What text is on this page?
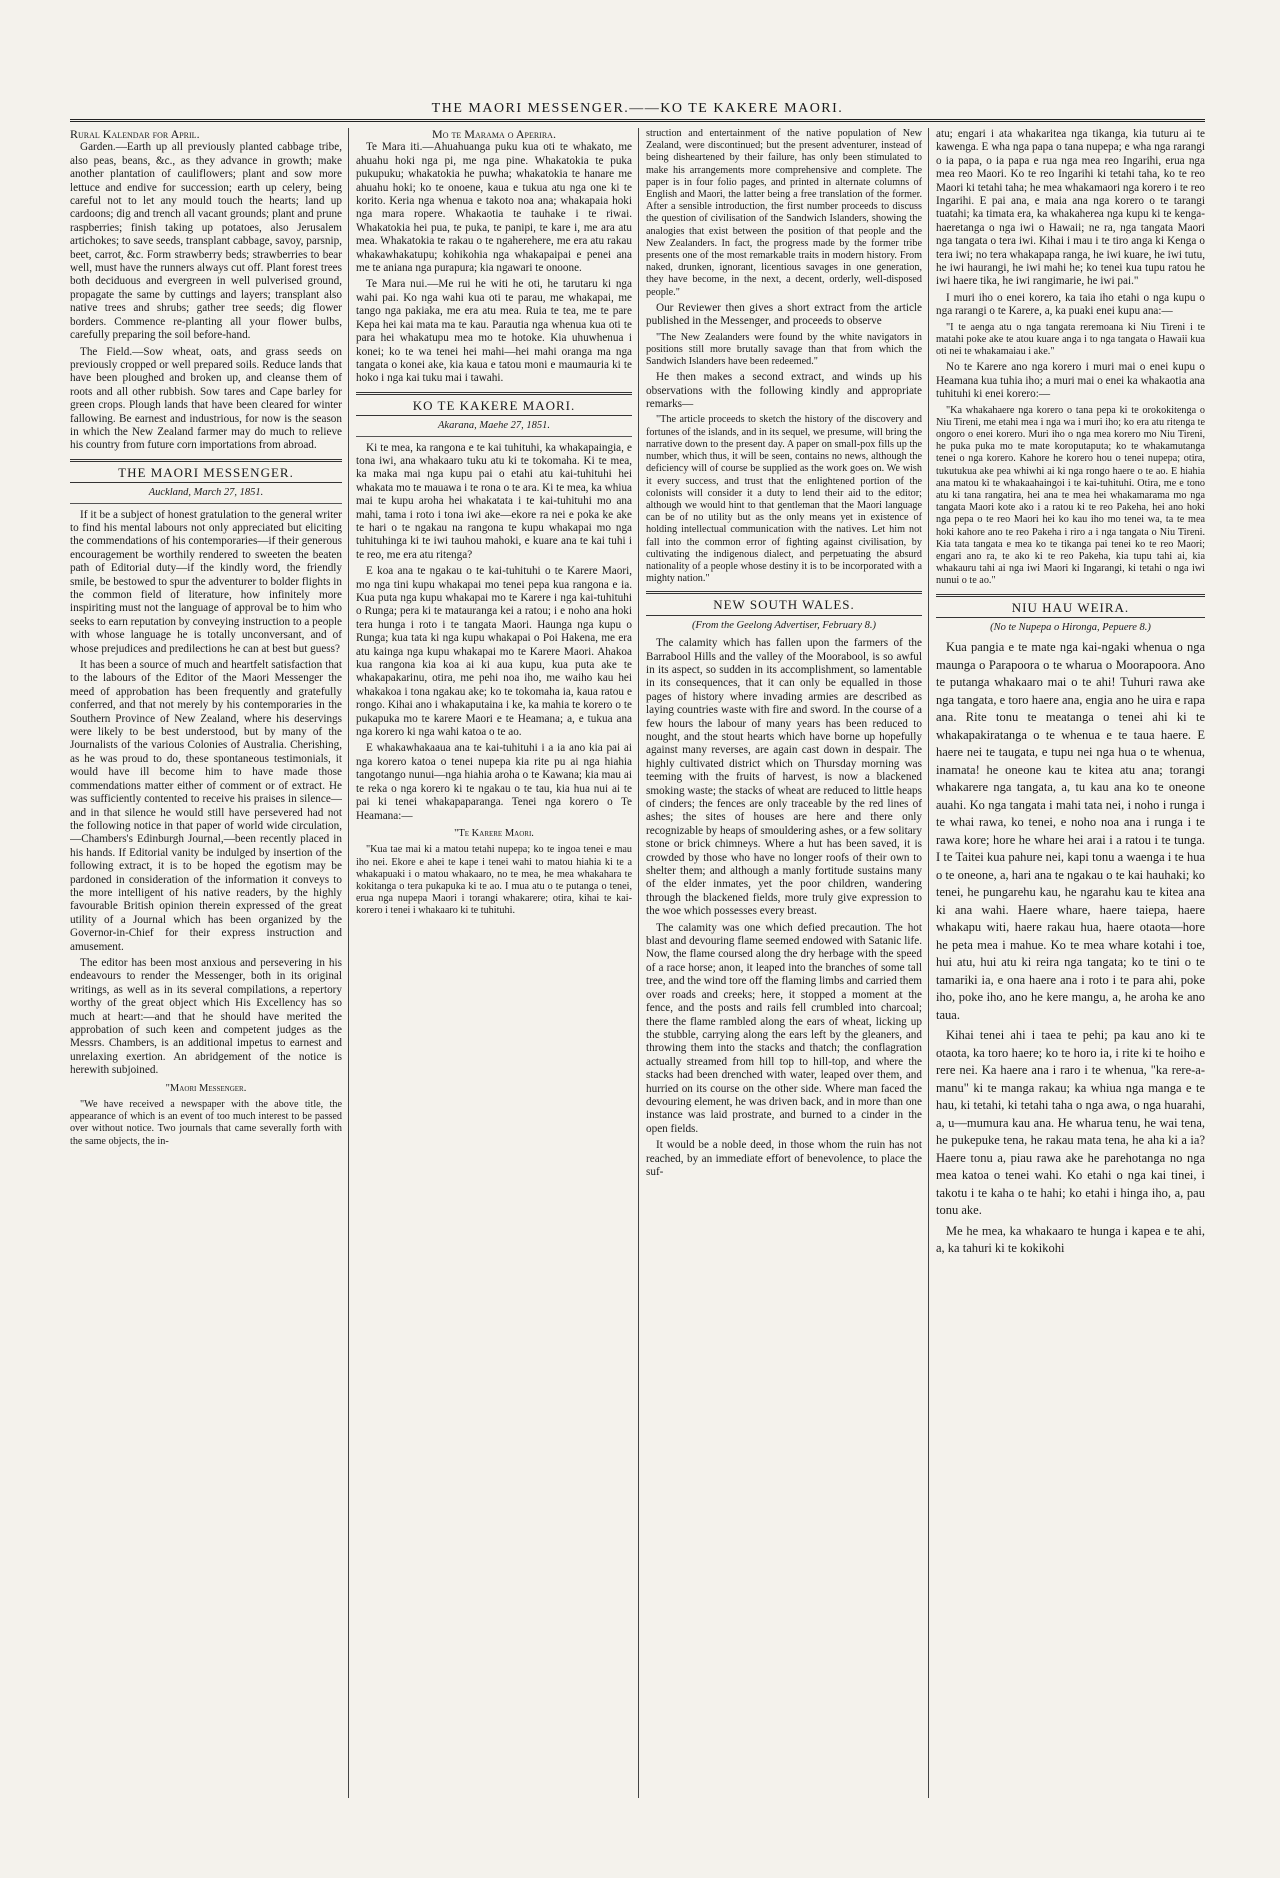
THE MAORI MESSENGER.——KO TE KAKERE MAORI.
Rural Kalendar for April.

Garden.—Earth up all previously planted cabbage tribe, also peas, beans, &c., as they advance in growth; make another plantation of cauliflowers; plant and sow more lettuce and endive for succession; earth up celery, being careful not to let any mould touch the hearts; land up cardoons; dig and trench all vacant grounds; plant and prune raspberries; finish taking up potatoes, also Jerusalem artichokes; to save seeds, transplant cabbage, savoy, parsnip, beet, carrot, &c. Form strawberry beds; strawberries to bear well, must have the runners always cut off. Plant forest trees both deciduous and evergreen in well pulverised ground, propagate the same by cuttings and layers; transplant also native trees and shrubs; gather tree seeds; dig flower borders. Commence re-planting all your flower bulbs, carefully preparing the soil before-hand.

The Field.—Sow wheat, oats, and grass seeds on previously cropped or well prepared soils. Reduce lands that have been ploughed and broken up, and cleanse them of roots and all other rubbish. Sow tares and Cape barley for green crops. Plough lands that have been cleared for winter fallowing. Be earnest and industrious, for now is the season in which the New Zealand farmer may do much to relieve his country from future corn importations from abroad.

THE MAORI MESSENGER.
Auckland, March 27, 1851.

If it be a subject of honest gratulation to the general writer to find his mental labours not only appreciated but eliciting the commendations of his contemporaries—if their generous encouragement be worthily rendered to sweeten the beaten path of Editorial duty—if the kindly word, the friendly smile, be bestowed to spur the adventurer to bolder flights in the common field of literature, how infinitely more inspiriting must not the language of approval be to him who seeks to earn reputation by conveying instruction to a people with whose language he is totally unconversant, and of whose prejudices and predilections he can at best but guess?

It has been a source of much and heartfelt satisfaction that to the labours of the Editor of the Maori Messenger the meed of approbation has been frequently and gratefully conferred, and that not merely by his contemporaries in the Southern Province of New Zealand, where his deservings were likely to be best understood, but by many of the Journalists of the various Colonies of Australia. Cherishing, as he was proud to do, these spontaneous testimonials, it would have ill become him to have made those commendations matter either of comment or of extract. He was sufficiently contented to receive his praises in silence—and in that silence he would still have persevered had not the following notice in that paper of world wide circulation,—Chambers's Edinburgh Journal,—been recently placed in his hands. If Editorial vanity be indulged by insertion of the following extract, it is to be hoped the egotism may be pardoned in consideration of the information it conveys to the more intelligent of his native readers, by the highly favourable British opinion therein expressed of the great utility of a Journal which has been organized by the Governor-in-Chief for their express instruction and amusement.

The editor has been most anxious and persevering in his endeavours to render the Messenger, both in its original writings, as well as in its several compilations, a repertory worthy of the great object which His Excellency has so much at heart:—and that he should have merited the approbation of such keen and competent judges as the Messrs. Chambers, is an additional impetus to earnest and unrelaxing exertion. An abridgement of the notice is herewith subjoined.

"Maori Messenger.

"We have received a newspaper with the above title, the appearance of which is an event of too much interest to be passed over without notice. Two journals that came severally forth with the same objects, the in-

Mo te Marama o Aperira.

Te Mara iti.—Ahuahuanga puku kua oti te whakato, me ahuahu hoki nga pi, me nga pine. Whakatokia te puka pukupuku; whakatokia he puwha; whakatokia te hanare me ahuahu hoki; ko te onoene, kaua e tukua atu nga one ki te korito. Keria nga whenua e takoto noa ana; whakapaia hoki nga mara ropere. Whakaotia te tauhake i te riwai. Whakatokia hei pua, te puka, te panipi, te kare i, me ara atu mea. Whakatokia te rakau o te ngaherehere, me era atu rakau whakawhakatupu; kohikohia nga whakapaipai e penei ana me te aniana nga purapura; kia ngawari te onoone.

Te Mara nui.—Me rui he witi he oti, he tarutaru ki nga wahi pai. Ko nga wahi kua oti te parau, me whakapai, me tango nga pakiaka, me era atu mea. Ruia te tea, me te pare Kepa hei kai mata ma te kau. Parautia nga whenua kua oti te para hei whakatupu mea mo te hotoke. Kia uhuwhenua i konei; ko te wa tenei hei mahi—hei mahi oranga ma nga tangata o konei ake, kia kaua e tatou moni e maumauria ki te hoko i nga kai tuku mai i tawahi.

KO TE KAKERE MAORI.
Akarana, Maehe 27, 1851.

Ki te mea, ka rangona e te kai tuhituhi, ka whakapaingia, e tona iwi, ana whakaaro tuku atu ki te tokomaha. Ki te mea, ka maka mai nga kupu pai o etahi atu kai-tuhituhi hei whakata mo te mauawa i te rona o te ara. Ki te mea, ka whiua mai te kupu aroha hei whakatata i te kai-tuhituhi mo ana mahi, tama i roto i tona iwi ake—ekore ra nei e poka ke ake te hari o te ngakau na rangona te kupu whakapai mo nga tuhituhinga ki te iwi tauhou mahoki, e kuare ana te kai tuhi i te reo, me era atu ritenga?

E koa ana te ngakau o te kai-tuhituhi o te Karere Maori, mo nga tini kupu whakapai mo tenei pepa kua rangona e ia. Kua puta nga kupu whakapai mo te Karere i nga kai-tuhituhi o Runga; pera ki te matauranga kei a ratou; i e noho ana hoki tera hunga i roto i te tangata Maori. Haunga nga kupu o Runga; kua tata ki nga kupu whakapai o Poi Hakena, me era atu kainga nga kupu whakapai mo te Karere Maori. Ahakoa kua rangona kia koa ai ki aua kupu, kua puta ake te whakapakarinu, otira, me pehi noa iho, me waiho kau hei whakakoa i tona ngakau ake; ko te tokomaha ia, kaua ratou e rongo. Kihai ano i whakaputaina i ke, ka mahia te korero o te pukapuka mo te karere Maori e te Heamana; a, e tukua ana nga korero ki nga wahi katoa o te ao.

E whakawhakaaua ana te kai-tuhituhi i a ia ano kia pai ai nga korero katoa o tenei nupepa kia rite pu ai nga hiahia tangotango nunui—nga hiahia aroha o te Kawana; kia mau ai te reka o nga korero ki te ngakau o te tau, kia hua nui ai te pai ki tenei whakapaparanga. Tenei nga korero o Te Heamana:—

"Te Karere Maori.

"Kua tae mai ki a matou tetahi nupepa; ko te ingoa tenei e mau iho nei. Ekore e ahei te kape i tenei wahi to matou hiahia ki te a whakapuaki i o matou whakaaro, no te mea, he mea whakahara te kokitanga o tera pukapuka ki te ao. I mua atu o te putanga o tenei, erua nga nupepa Maori i torangi whakarere; otira, kihai te kai-korero i tenei i whakaaro ki te tuhituhi.

struction and entertainment of the native population of New Zealand, were discontinued; but the present adventurer, instead of being disheartened by their failure, has only been stimulated to make his arrangements more comprehensive and complete. The paper is in four folio pages, and printed in alternate columns of English and Maori, the latter being a free translation of the former. After a sensible introduction, the first number proceeds to discuss the question of civilisation of the Sandwich Islanders, showing the analogies that exist between the position of that people and the New Zealanders. In fact, the progress made by the former tribe presents one of the most remarkable traits in modern history. From naked, drunken, ignorant, licentious savages in one generation, they have become, in the next, a decent, orderly, well-disposed people."

Our Reviewer then gives a short extract from the article published in the Messenger, and proceeds to observe

"The New Zealanders were found by the white navigators in positions still more brutally savage than that from which the Sandwich Islanders have been redeemed."

He then makes a second extract, and winds up his observations with the following kindly and appropriate remarks—

"The article proceeds to sketch the history of the discovery and fortunes of the islands, and in its sequel, we presume, will bring the narrative down to the present day. A paper on small-pox fills up the number, which thus, it will be seen, contains no news, although the deficiency will of course be supplied as the work goes on. We wish it every success, and trust that the enlightened portion of the colonists will consider it a duty to lend their aid to the editor; although we would hint to that gentleman that the Maori language can be of no utility but as the only means yet in existence of holding intellectual communication with the natives. Let him not fall into the common error of fighting against civilisation, by cultivating the indigenous dialect, and perpetuating the absurd nationality of a people whose destiny it is to be incorporated with a mighty nation."

NEW SOUTH WALES.
(From the Geelong Advertiser, February 8.)

The calamity which has fallen upon the farmers of the Barrabool Hills and the valley of the Moorabool, is so awful in its aspect, so sudden in its accomplishment, so lamentable in its consequences, that it can only be equalled in those pages of history where invading armies are described as laying countries waste with fire and sword. In the course of a few hours the labour of many years has been reduced to nought, and the stout hearts which have borne up hopefully against many reverses, are again cast down in despair. The highly cultivated district which on Thursday morning was teeming with the fruits of harvest, is now a blackened smoking waste; the stacks of wheat are reduced to little heaps of cinders; the fences are only traceable by the red lines of ashes; the sites of houses are here and there only recognizable by heaps of smouldering ashes, or a few solitary stone or brick chimneys. Where a hut has been saved, it is crowded by those who have no longer roofs of their own to shelter them; and although a manly fortitude sustains many of the elder inmates, yet the poor children, wandering through the blackened fields, more truly give expression to the woe which possesses every breast.

The calamity was one which defied precaution. The hot blast and devouring flame seemed endowed with Satanic life. Now, the flame coursed along the dry herbage with the speed of a race horse; anon, it leaped into the branches of some tall tree, and the wind tore off the flaming limbs and carried them over roads and creeks; here, it stopped a moment at the fence, and the posts and rails fell crumbled into charcoal; there the flame rambled along the ears of wheat, licking up the stubble, carrying along the ears left by the gleaners, and throwing them into the stacks and thatch; the conflagration actually streamed from hill top to hill-top, and where the stacks had been drenched with water, leaped over them, and hurried on its course on the other side. Where man faced the devouring element, he was driven back, and in more than one instance was laid prostrate, and burned to a cinder in the open fields.

It would be a noble deed, in those whom the ruin has not reached, by an immediate effort of benevolence, to place the suf-

atu; engari i ata whakaritea nga tikanga, kia tuturu ai te kawenga. E wha nga papa o tana nupepa; e wha nga rarangi o ia papa, o ia papa e rua nga mea reo Ingarihi, erua nga mea reo Maori. Ko te reo Ingarihi ki tetahi taha, ko te reo Maori ki tetahi taha; he mea whakamaori nga korero i te reo Ingarihi. E pai ana, e maia ana nga korero o te tarangi tuatahi; ka timata era, ka whakaherea nga kupu ki te kenga-haeretanga o nga iwi o Hawaii; ne ra, nga tangata Maori nga tangata o tera iwi. Kihai i mau i te tiro anga ki Kenga o tera iwi; no tera whakapapa ranga, he iwi kuare, he iwi tutu, he iwi haurangi, he iwi mahi he; ko tenei kua tupu ratou he iwi haere tika, he iwi rangimarie, he iwi pai."

I muri iho o enei korero, ka taia iho etahi o nga kupu o nga rarangi o te Karere, a, ka puaki enei kupu ana:—

"I te aenga atu o nga tangata reremoana ki Niu Tireni i te matahi poke ake te atou kuare anga i to nga tangata o Hawaii kua oti nei te whakamaiau i ake."

No te Karere ano nga korero i muri mai o enei kupu o Heamana kua tuhia iho; a muri mai o enei ka whakaotia ana tuhituhi ki enei korero:—

"Ka whakahaere nga korero o tana pepa ki te orokokitenga o Niu Tireni, me etahi mea i nga wa i muri iho; ko era atu ritenga te ongoro o enei korero. Muri iho o nga mea korero mo Niu Tireni, he puka puka mo te mate koroputaputa; ko te whakamutanga tenei o nga korero. Kahore he korero hou o tenei nupepa; otira, tukutukua ake pea whiwhi ai ki nga rongo haere o te ao. E hiahia ana matou ki te whakaahaingoi i te kai-tuhituhi. Otira, me e tono atu ki tana rangatira, hei ana te mea hei whakamarama mo nga tangata Maori kote ako i a ratou ki te reo Pakeha, hei ano hoki nga pepa o te reo Maori hei ko kau iho mo tenei wa, ta te mea hoki kahore ano te reo Pakeha i riro a i nga tangata o Niu Tireni. Kia tata tangata e mea ko te tikanga pai tenei ko te reo Maori; engari ano ra, te ako ki te reo Pakeha, kia tupu tahi ai, kia whakauru tahi ai nga iwi Maori ki Ingarangi, ki tetahi o nga iwi nunui o te ao."

NIU HAU WEIRA.
(No te Nupepa o Hironga, Pepuere 8.)

Kua pangia e te mate nga kai-ngaki whenua o nga maunga o Parapoora o te wharua o Moorapoora. Ano te putanga whakaaro mai o te ahi! Tuhuri rawa ake nga tangata, e toro haere ana, engia ano he uira e rapa ana. Rite tonu te meatanga o tenei ahi ki te whakapakiratanga o te whenua e te taua haere. E haere nei te taugata, e tupu nei nga hua o te whenua, inamata! he oneone kau te kitea atu ana; torangi whakarere nga tangata, a, tu kau ana ko te oneone auahi. Ko nga tangata i mahi tata nei, i noho i runga i te whai rawa, ko tenei, e noho noa ana i runga i te rawa kore; hore he whare hei arai i a ratou i te tunga. I te Taitei kua pahure nei, kapi tonu a waenga i te hua o te oneone, a, hari ana te ngakau o te kai hauhaki; ko tenei, he pungarehu kau, he ngarahu kau te kitea ana ki ana wahi. Haere whare, haere taiepa, haere whakapu witi, haere rakau hua, haere otaota—hore he peta mea i mahue. Ko te mea whare kotahi i toe, hui atu, hui atu ki reira nga tangata; ko te tini o te tamariki ia, e ona haere ana i roto i te para ahi, poke iho, poke iho, ano he kere mangu, a, he aroha ke ano taua.

Kihai tenei ahi i taea te pehi; pa kau ano ki te otaota, ka toro haere; ko te horo ia, i rite ki te hoiho e rere nei. Ka haere ana i raro i te whenua, "ka rere-a-manu" ki te manga rakau; ka whiua nga manga e te hau, ki tetahi, ki tetahi taha o nga awa, o nga huarahi, a, u—mumura kau ana. He wharua tenu, he wai tena, he pukepuke tena, he rakau mata tena, he aha ki a ia? Haere tonu a, piau rawa ake he parehotanga no nga mea katoa o tenei wahi. Ko etahi o nga kai tinei, i takotu i te kaha o te hahi; ko etahi i hinga iho, a, pau tonu ake.

Me he mea, ka whakaaro te hunga i kapea e te ahi, a, ka tahuri ki te kokikohi
